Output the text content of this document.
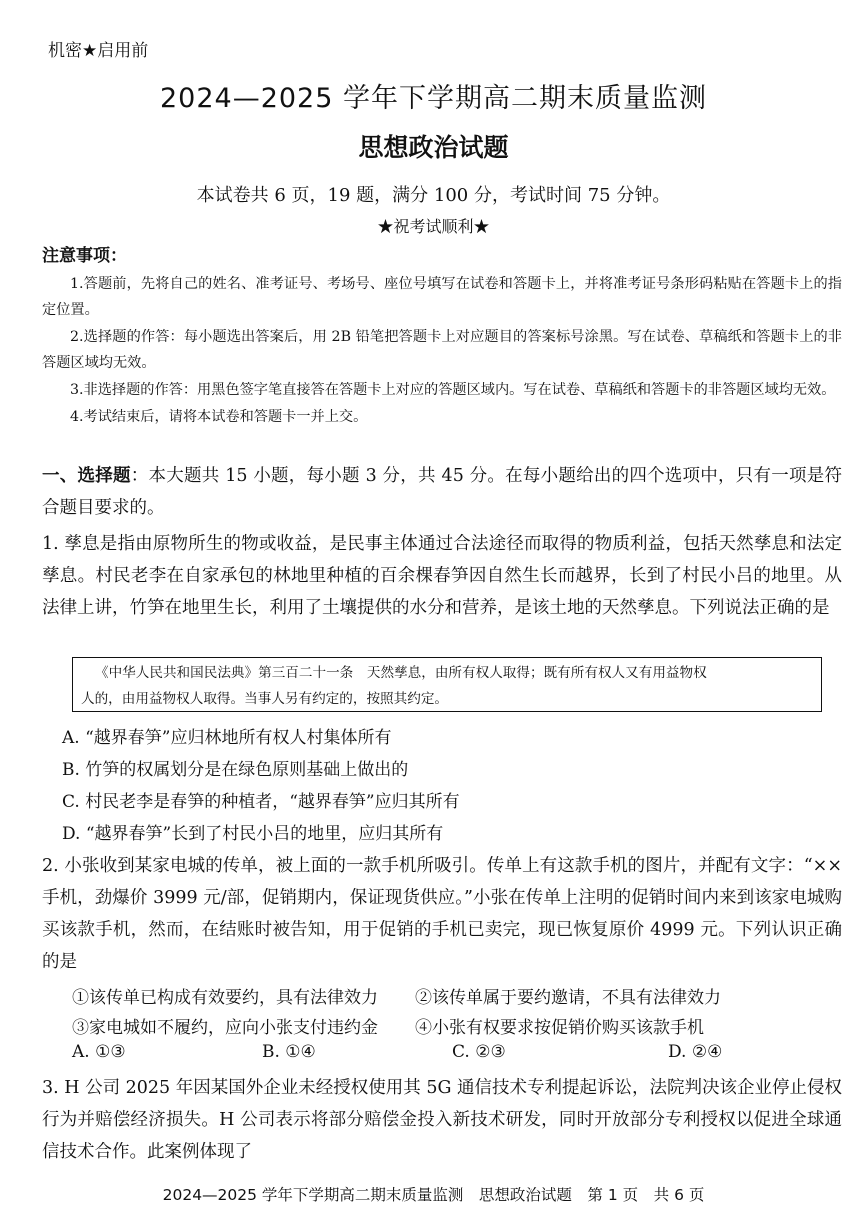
机密★启用前
2024—2025 学年下学期高二期末质量监测
思想政治试题
本试卷共 6 页，19 题，满分 100 分，考试时间 75 分钟。
★祝考试顺利★
注意事项：

1.答题前，先将自己的姓名、准考证号、考场号、座位号填写在试卷和答题卡上，并将准考证号条形码粘贴在答题卡上的指定位置。

2.选择题的作答：每小题选出答案后，用 2B 铅笔把答题卡上对应题目的答案标号涂黑。写在试卷、草稿纸和答题卡上的非答题区域均无效。

3.非选择题的作答：用黑色签字笔直接答在答题卡上对应的答题区域内。写在试卷、草稿纸和答题卡的非答题区域均无效。

4.考试结束后，请将本试卷和答题卡一并上交。

一、选择题：本大题共 15 小题，每小题 3 分，共 45 分。在每小题给出的四个选项中，只有一项是符合题目要求的。
1. 孳息是指由原物所生的物或收益，是民事主体通过合法途径而取得的物质利益，包括天然孳息和法定孳息。村民老李在自家承包的林地里种植的百余棵春笋因自然生长而越界，长到了村民小吕的地里。从法律上讲，竹笋在地里生长，利用了土壤提供的水分和营养，是该土地的天然孳息。下列说法正确的是
《中华人民共和国民法典》第三百二十一条　天然孳息，由所有权人取得；既有所有权人又有用益物权
人的，由用益物权人取得。当事人另有约定的，按照其约定。
A. “越界春笋”应归林地所有权人村集体所有
B. 竹笋的权属划分是在绿色原则基础上做出的
C. 村民老李是春笋的种植者，“越界春笋”应归其所有
D. “越界春笋”长到了村民小吕的地里，应归其所有
2. 小张收到某家电城的传单，被上面的一款手机所吸引。传单上有这款手机的图片，并配有文字：“××手机，劲爆价 3999 元/部，促销期内，保证现货供应。”小张在传单上注明的促销时间内来到该家电城购买该款手机，然而，在结账时被告知，用于促销的手机已卖完，现已恢复原价 4999 元。下列认识正确的是
①该传单已构成有效要约，具有法律效力 ②该传单属于要约邀请，不具有法律效力
③家电城如不履约，应向小张支付违约金 ④小张有权要求按促销价购买该款手机
A. ①③	B. ①④	C. ②③	D. ②④
3. H 公司 2025 年因某国外企业未经授权使用其 5G 通信技术专利提起诉讼，法院判决该企业停止侵权行为并赔偿经济损失。H 公司表示将部分赔偿金投入新技术研发，同时开放部分专利授权以促进全球通信技术合作。此案例体现了
2024—2025 学年下学期高二期末质量监测　思想政治试题　第 1 页　共 6 页
